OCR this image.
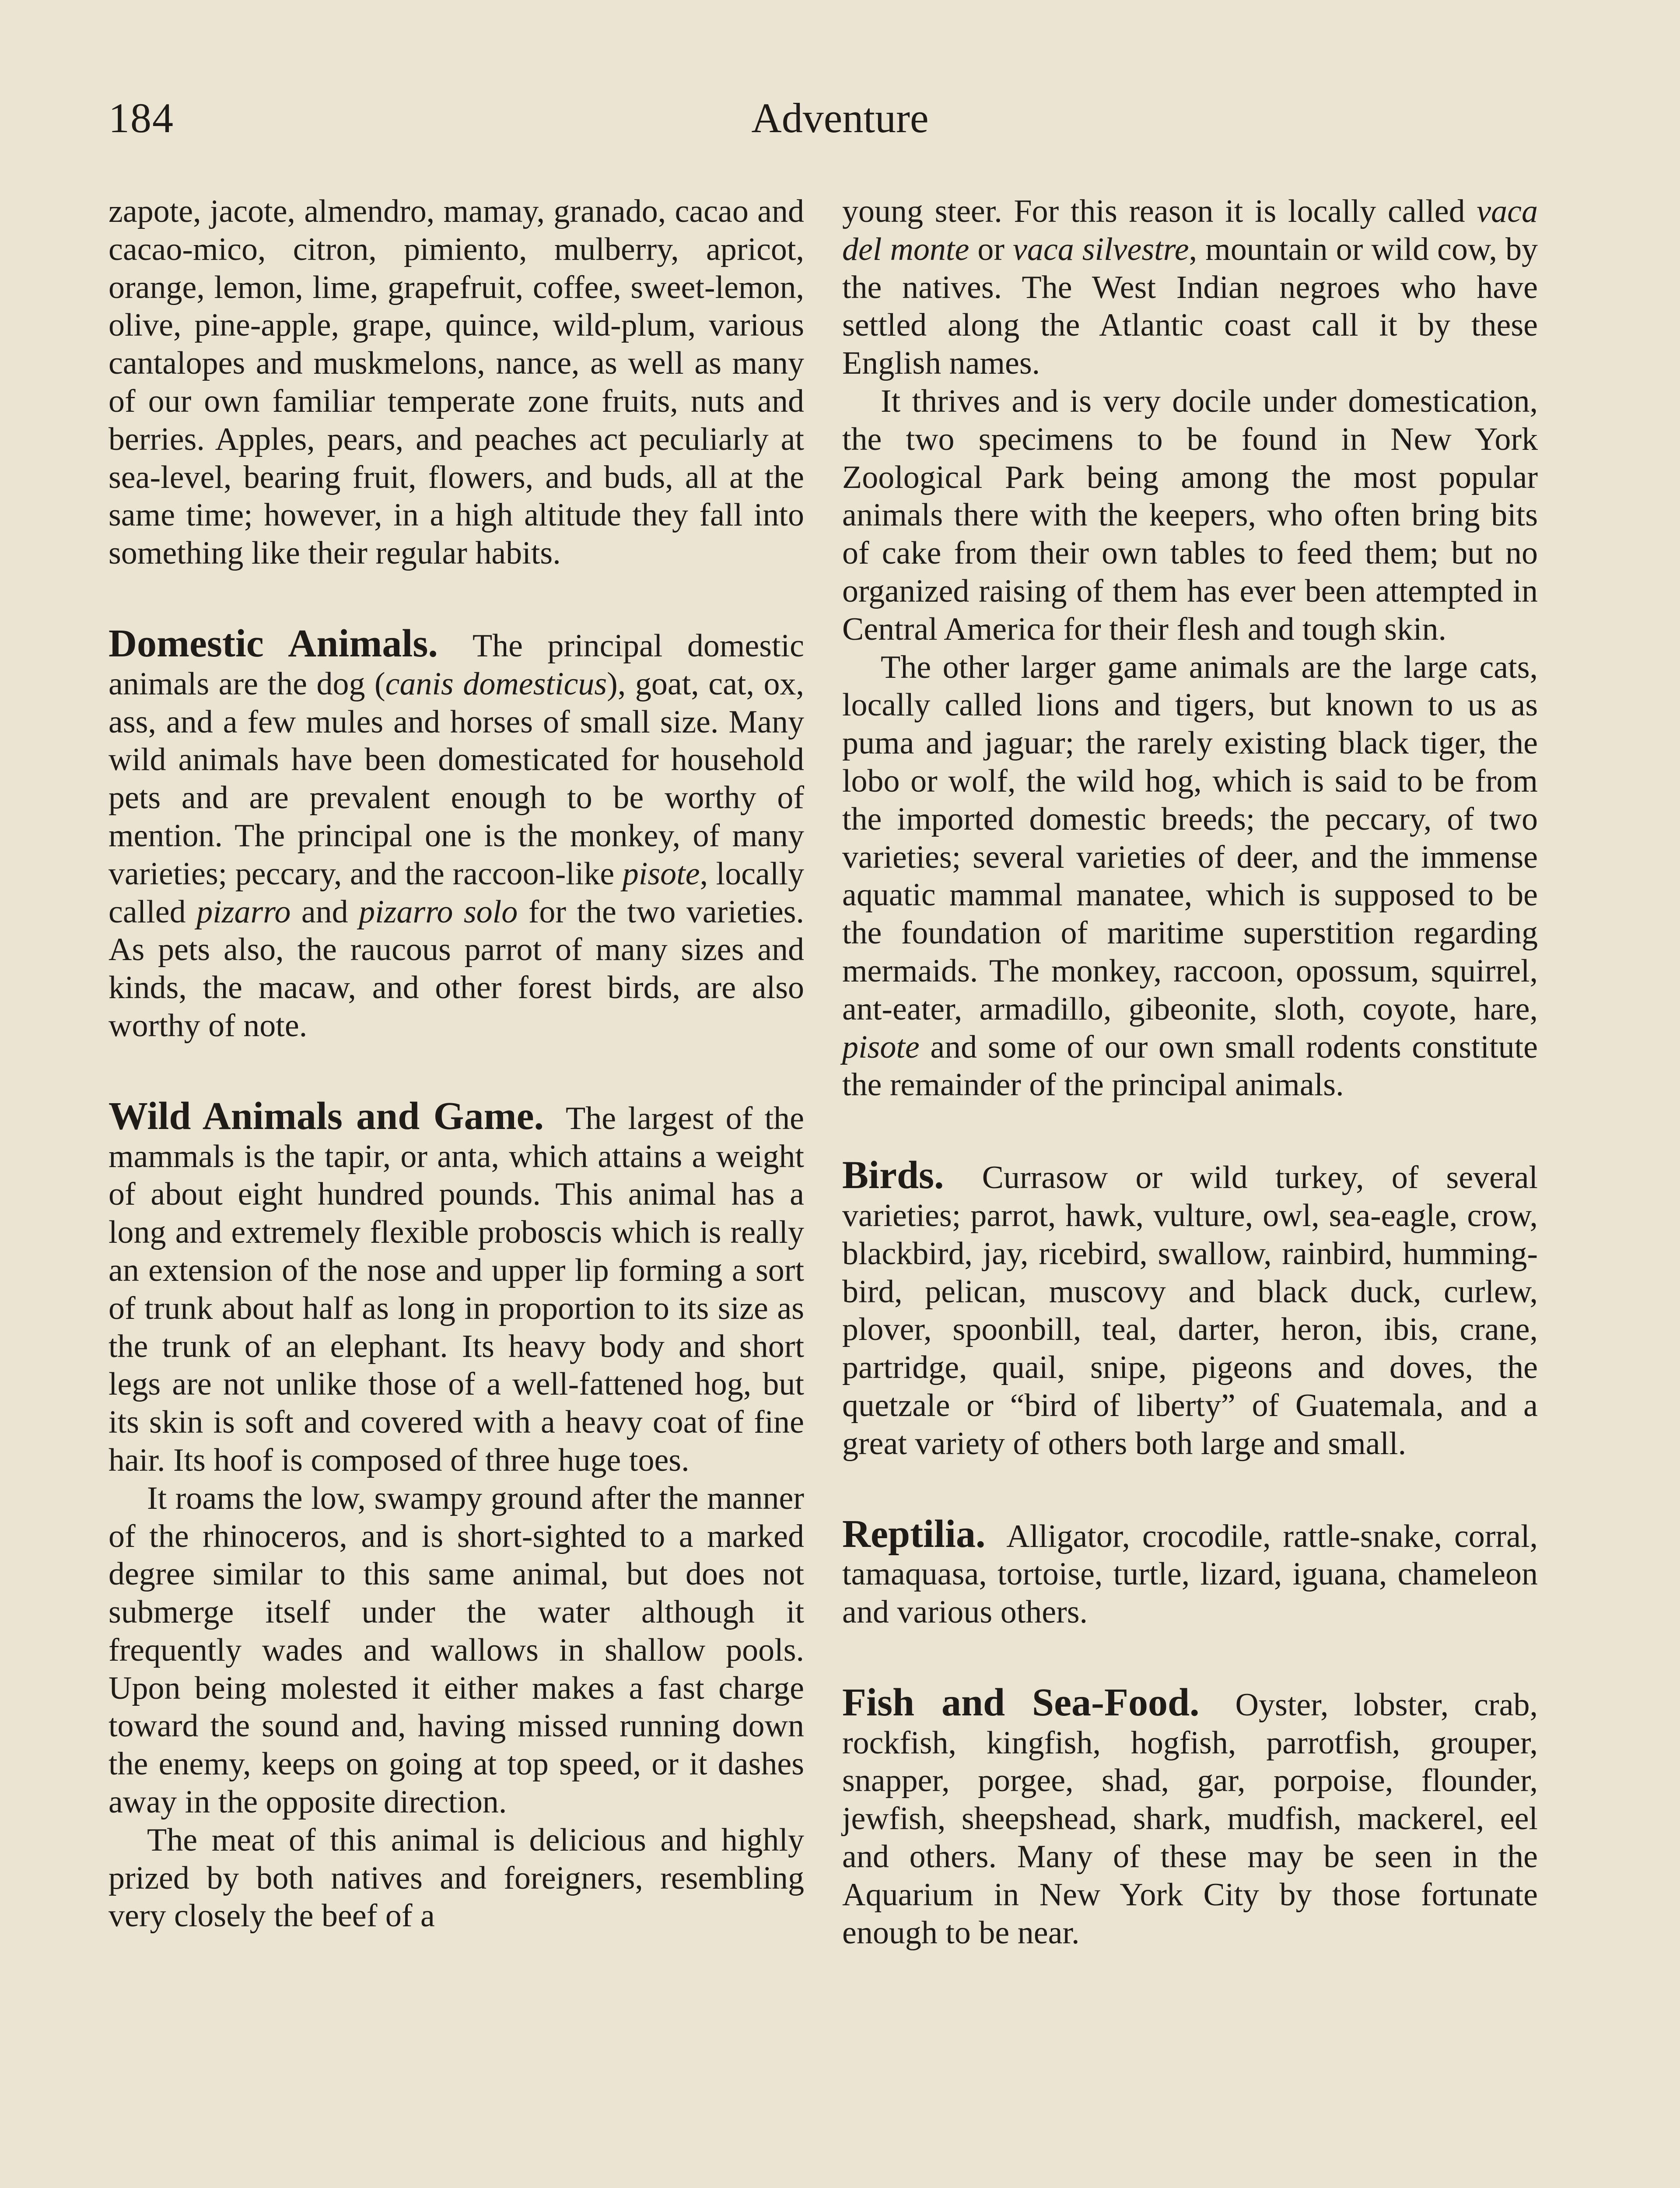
184	Adventure

zapote, jacote, almendro, mamay, granado, cacao and cacao-mico, citron, pimiento, mulberry, apricot, orange, lemon, lime, grapefruit, coffee, sweet-lemon, olive, pine-apple, grape, quince, wild-plum, various cantalopes and muskmelons, nance, as well as many of our own familiar temperate zone fruits, nuts and berries. Apples, pears, and peaches act peculiarly at sea-level, bearing fruit, flowers, and buds, all at the same time; however, in a high altitude they fall into something like their regular habits.

Domestic Animals. The principal domestic animals are the dog (canis domesticus), goat, cat, ox, ass, and a few mules and horses of small size. Many wild animals have been domesticated for household pets and are prevalent enough to be worthy of mention. The principal one is the monkey, of many varieties; peccary, and the raccoon-like pisote, locally called pizarro and pizarro solo for the two varieties. As pets also, the raucous parrot of many sizes and kinds, the macaw, and other forest birds, are also worthy of note.

Wild Animals and Game. The largest of the mammals is the tapir, or anta, which attains a weight of about eight hundred pounds. This animal has a long and extremely flexible proboscis which is really an extension of the nose and upper lip forming a sort of trunk about half as long in proportion to its size as the trunk of an elephant. Its heavy body and short legs are not unlike those of a well-fattened hog, but its skin is soft and covered with a heavy coat of fine hair. Its hoof is composed of three huge toes.

It roams the low, swampy ground after the manner of the rhinoceros, and is short-sighted to a marked degree similar to this same animal, but does not submerge itself under the water although it frequently wades and wallows in shallow pools. Upon being molested it either makes a fast charge toward the sound and, having missed running down the enemy, keeps on going at top speed, or it dashes away in the opposite direction.

The meat of this animal is delicious and highly prized by both natives and foreigners, resembling very closely the beef of a

young steer. For this reason it is locally called vaca del monte or vaca silvestre, mountain or wild cow, by the natives. The West Indian negroes who have settled along the Atlantic coast call it by these English names.

It thrives and is very docile under domestication, the two specimens to be found in New York Zoological Park being among the most popular animals there with the keepers, who often bring bits of cake from their own tables to feed them; but no organized raising of them has ever been attempted in Central America for their flesh and tough skin.

The other larger game animals are the large cats, locally called lions and tigers, but known to us as puma and jaguar; the rarely existing black tiger, the lobo or wolf, the wild hog, which is said to be from the imported domestic breeds; the peccary, of two varieties; several varieties of deer, and the immense aquatic mammal manatee, which is supposed to be the foundation of maritime superstition regarding mermaids. The monkey, raccoon, opossum, squirrel, ant-eater, armadillo, gibeonite, sloth, coyote, hare, pisote and some of our own small rodents constitute the remainder of the principal animals.

Birds. Currasow or wild turkey, of several varieties; parrot, hawk, vulture, owl, sea-eagle, crow, blackbird, jay, ricebird, swallow, rainbird, humming-bird, pelican, muscovy and black duck, curlew, plover, spoonbill, teal, darter, heron, ibis, crane, partridge, quail, snipe, pigeons and doves, the quetzale or “bird of liberty” of Guatemala, and a great variety of others both large and small.

Reptilia. Alligator, crocodile, rattle-snake, corral, tamaquasa, tortoise, turtle, lizard, iguana, chameleon and various others.

Fish and Sea-Food. Oyster, lobster, crab, rockfish, kingfish, hogfish, parrotfish, grouper, snapper, porgee, shad, gar, porpoise, flounder, jewfish, sheepshead, shark, mudfish, mackerel, eel and others. Many of these may be seen in the Aquarium in New York City by those fortunate enough to be near.
